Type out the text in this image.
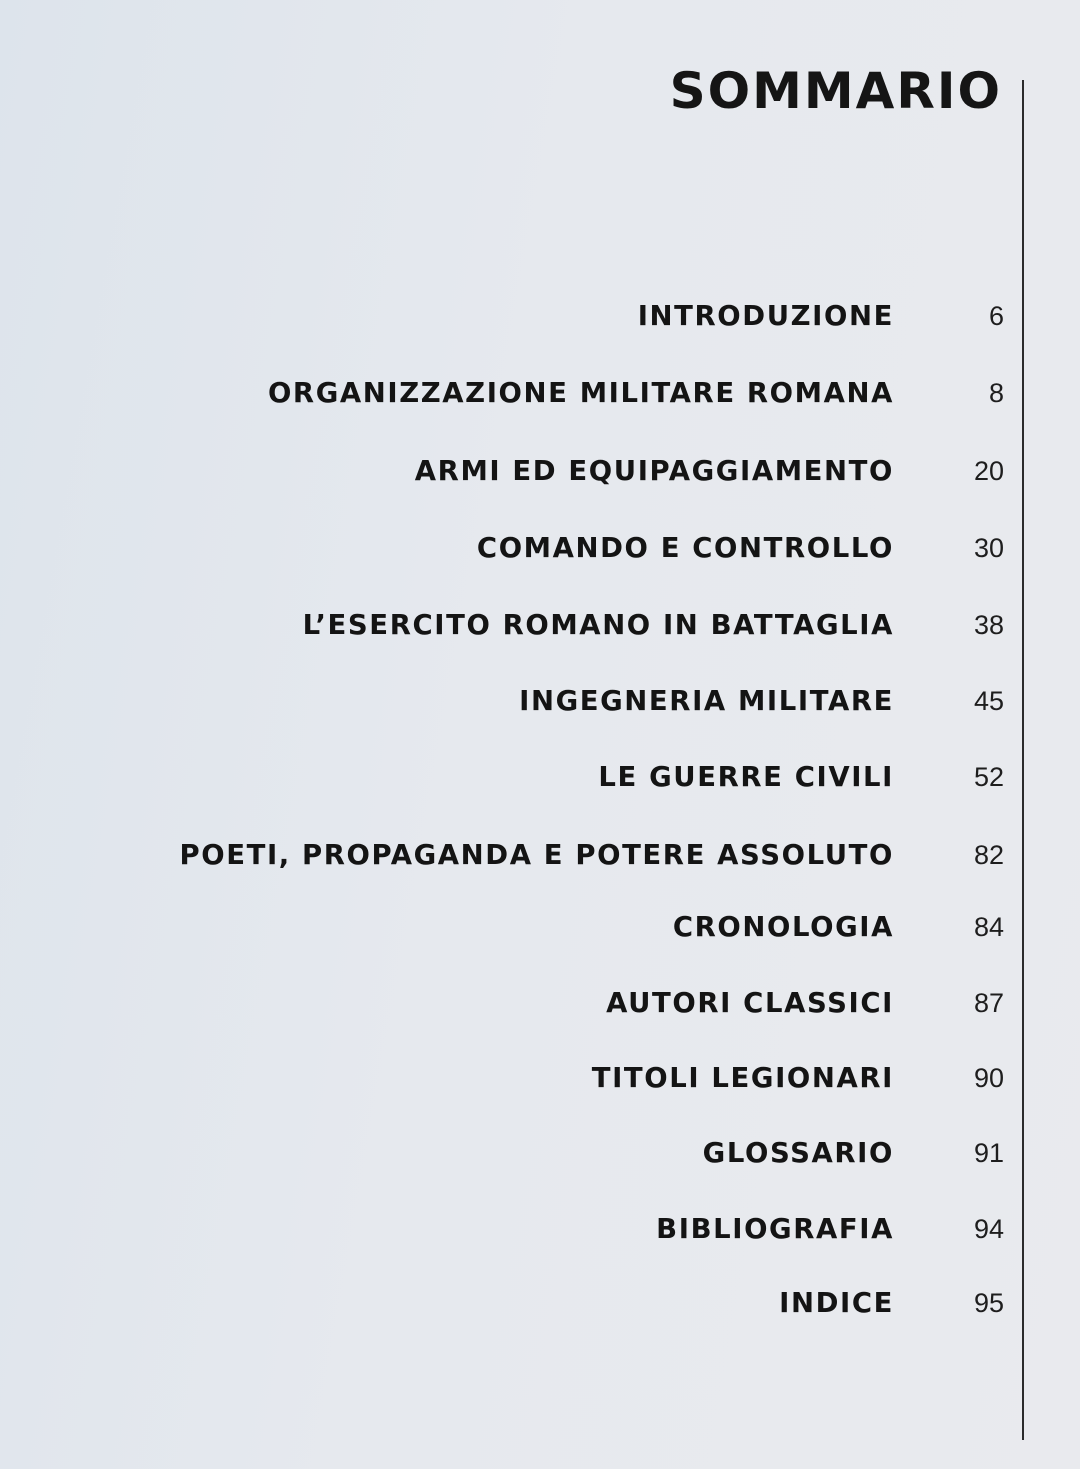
SOMMARIO
INTRODUZIONE	6
ORGANIZZAZIONE MILITARE ROMANA	8
ARMI ED EQUIPAGGIAMENTO	20
COMANDO E CONTROLLO	30
L’ESERCITO ROMANO IN BATTAGLIA	38
INGEGNERIA MILITARE	45
LE GUERRE CIVILI	52
POETI, PROPAGANDA E POTERE ASSOLUTO	82
CRONOLOGIA	84
AUTORI CLASSICI	87
TITOLI LEGIONARI	90
GLOSSARIO	91
BIBLIOGRAFIA	94
INDICE	95
